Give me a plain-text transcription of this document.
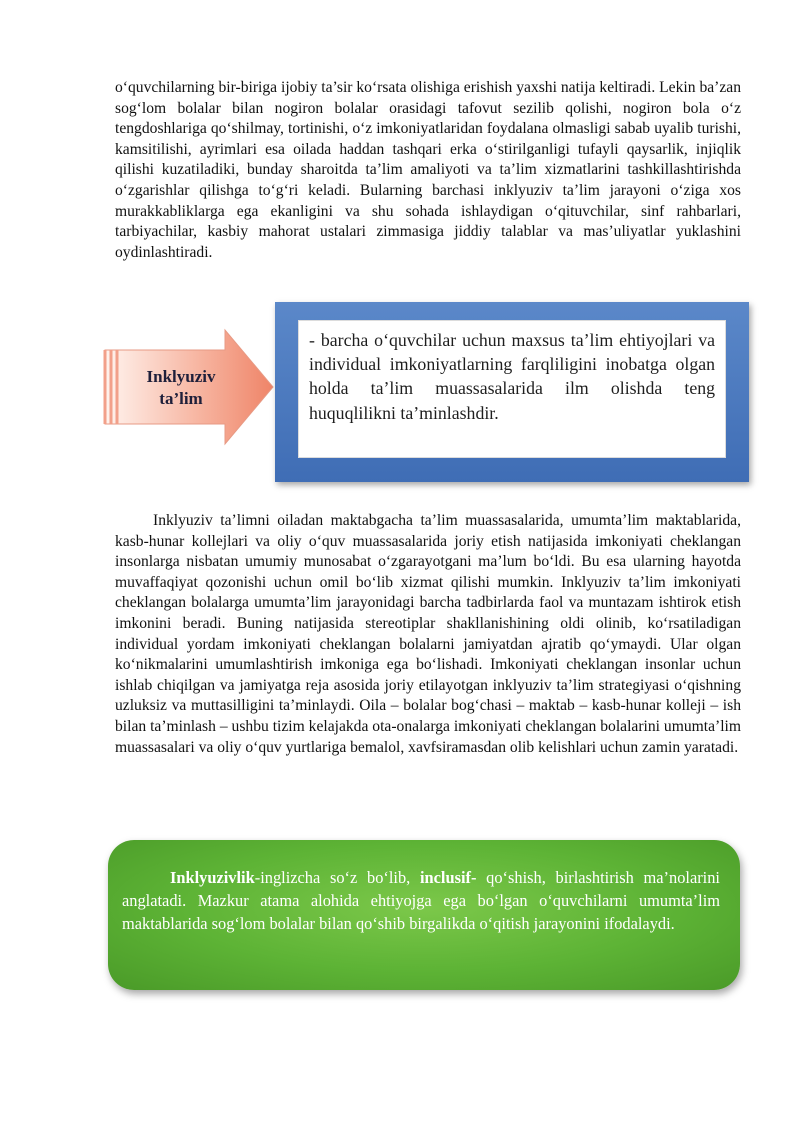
o‘quvchilarning bir-biriga ijobiy ta’sir ko‘rsata olishiga erishish yaxshi natija keltiradi. Lekin ba’zan sog‘lom bolalar bilan nogiron bolalar orasidagi tafovut sezilib qolishi, nogiron bola o‘z tengdoshlariga qo‘shilmay, tortinishi, o‘z imkoniyatlaridan foydalana olmasligi sabab uyalib turishi, kamsitilishi, ayrimlari esa oilada haddan tashqari erka o‘stirilganligi tufayli qaysarlik, injiqlik qilishi kuzatiladiki, bunday sharoitda ta’lim amaliyoti va ta’lim xizmatlarini tashkillashtirishda o‘zgarishlar qilishga to‘g‘ri keladi. Bularning barchasi inklyuziv ta’lim jarayoni o‘ziga xos murakkabliklarga ega ekanligini va shu sohada ishlaydigan o‘qituvchilar, sinf rahbarlari, tarbiyachilar, kasbiy mahorat ustalari zimmasiga jiddiy talablar va mas’uliyatlar yuklashini oydinlashtiradi.

Inklyuziv
ta’lim
- barcha o‘quvchilar uchun maxsus ta’lim ehtiyojlari va individual imkoniyatlarning farqliligini inobatga olgan holda ta’lim muassasalarida ilm olishda teng huquqlilikni ta’minlashdir.

Inklyuziv ta’limni oiladan maktabgacha ta’lim muassasalarida, umumta’lim maktablarida, kasb-hunar kollejlari va oliy o‘quv muassasalarida joriy etish natijasida imkoniyati cheklangan insonlarga nisbatan umumiy munosabat o‘zgarayotgani ma’lum bo‘ldi. Bu esa ularning hayotda muvaffaqiyat qozonishi uchun omil bo‘lib xizmat qilishi mumkin. Inklyuziv ta’lim imkoniyati cheklangan bolalarga umumta’lim jarayonidagi barcha tadbirlarda faol va muntazam ishtirok etish imkonini beradi. Buning natijasida stereotiplar shakllanishining oldi olinib, ko‘rsatiladigan individual yordam imkoniyati cheklangan bolalarni jamiyatdan ajratib qo‘ymaydi. Ular olgan ko‘nikmalarini umumlashtirish imkoniga ega bo‘lishadi. Imkoniyati cheklangan insonlar uchun ishlab chiqilgan va jamiyatga reja asosida joriy etilayotgan inklyuziv ta’lim strategiyasi o‘qishning uzluksiz va muttasilligini ta’minlaydi. Oila – bolalar bog‘chasi – maktab – kasb-hunar kolleji – ish bilan ta’minlash – ushbu tizim kelajakda ota-onalarga imkoniyati cheklangan bolalarini umumta’lim muassasalari va oliy o‘quv yurtlariga bemalol, xavfsiramasdan olib kelishlari uchun zamin yaratadi.

Inklyuzivlik-inglizcha so‘z bo‘lib, inclusif- qo‘shish, birlashtirish ma’nolarini anglatadi. Mazkur atama alohida ehtiyojga ega bo‘lgan o‘quvchilarni umumta’lim maktablarida sog‘lom bolalar bilan qo‘shib birgalikda o‘qitish jarayonini ifodalaydi.
